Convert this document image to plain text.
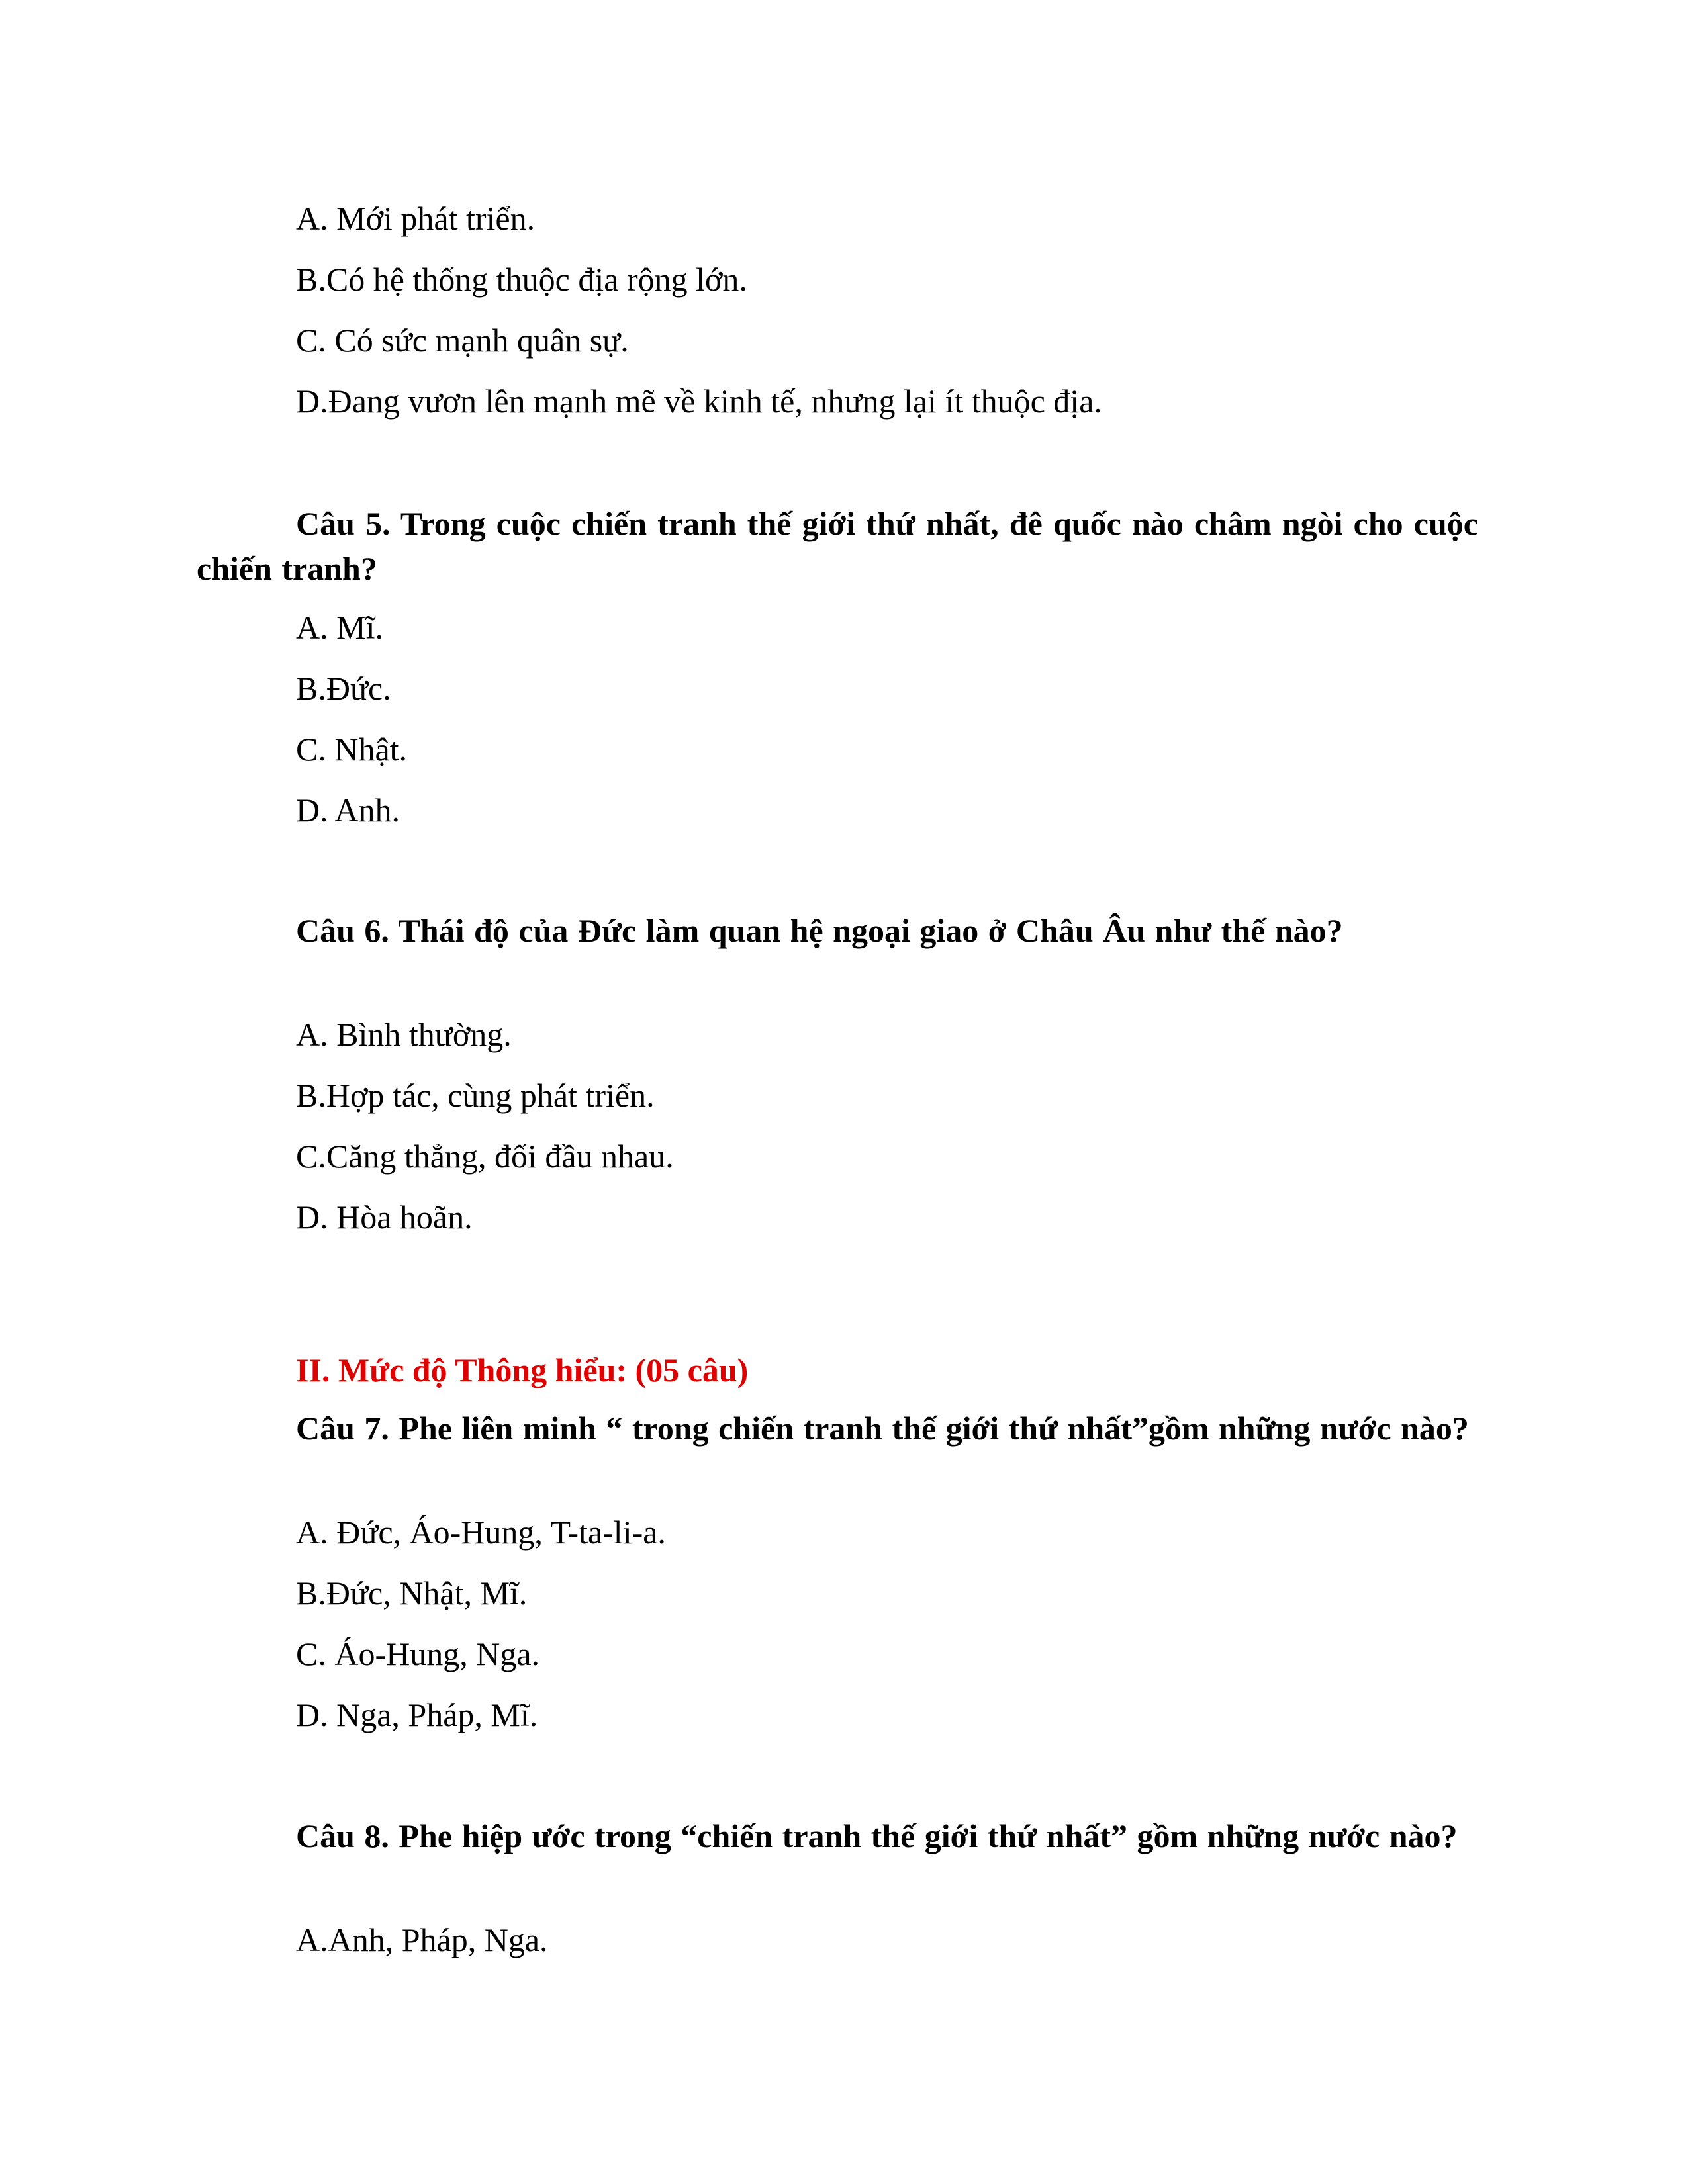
A. Mới phát triển.
B.Có hệ thống thuộc địa rộng lớn.
C. Có sức mạnh quân sự.
D.Đang vươn lên mạnh mẽ về kinh tế, nhưng lại ít thuộc địa.
Câu 5. Trong cuộc chiến tranh thế giới thứ nhất, đê quốc nào châm ngòi cho cuộc chiến tranh?
A. Mĩ.
B.Đức.
C. Nhật.
D. Anh.
Câu 6. Thái độ của Đức làm quan hệ ngoại giao ở Châu Âu như thế nào?
A. Bình thường.
B.Hợp tác, cùng phát triển.
C.Căng thẳng, đối đầu nhau.
D. Hòa hoãn.
II. Mức độ Thông hiểu: (05 câu)
Câu 7. Phe liên minh “ trong chiến tranh thế giới thứ nhất”gồm những nước nào?
A. Đức, Áo-Hung, T-ta-li-a.
B.Đức, Nhật, Mĩ.
C. Áo-Hung, Nga.
D. Nga, Pháp, Mĩ.
Câu 8. Phe hiệp ước trong “chiến tranh thế giới thứ nhất” gồm những nước nào?
A.Anh, Pháp, Nga.
